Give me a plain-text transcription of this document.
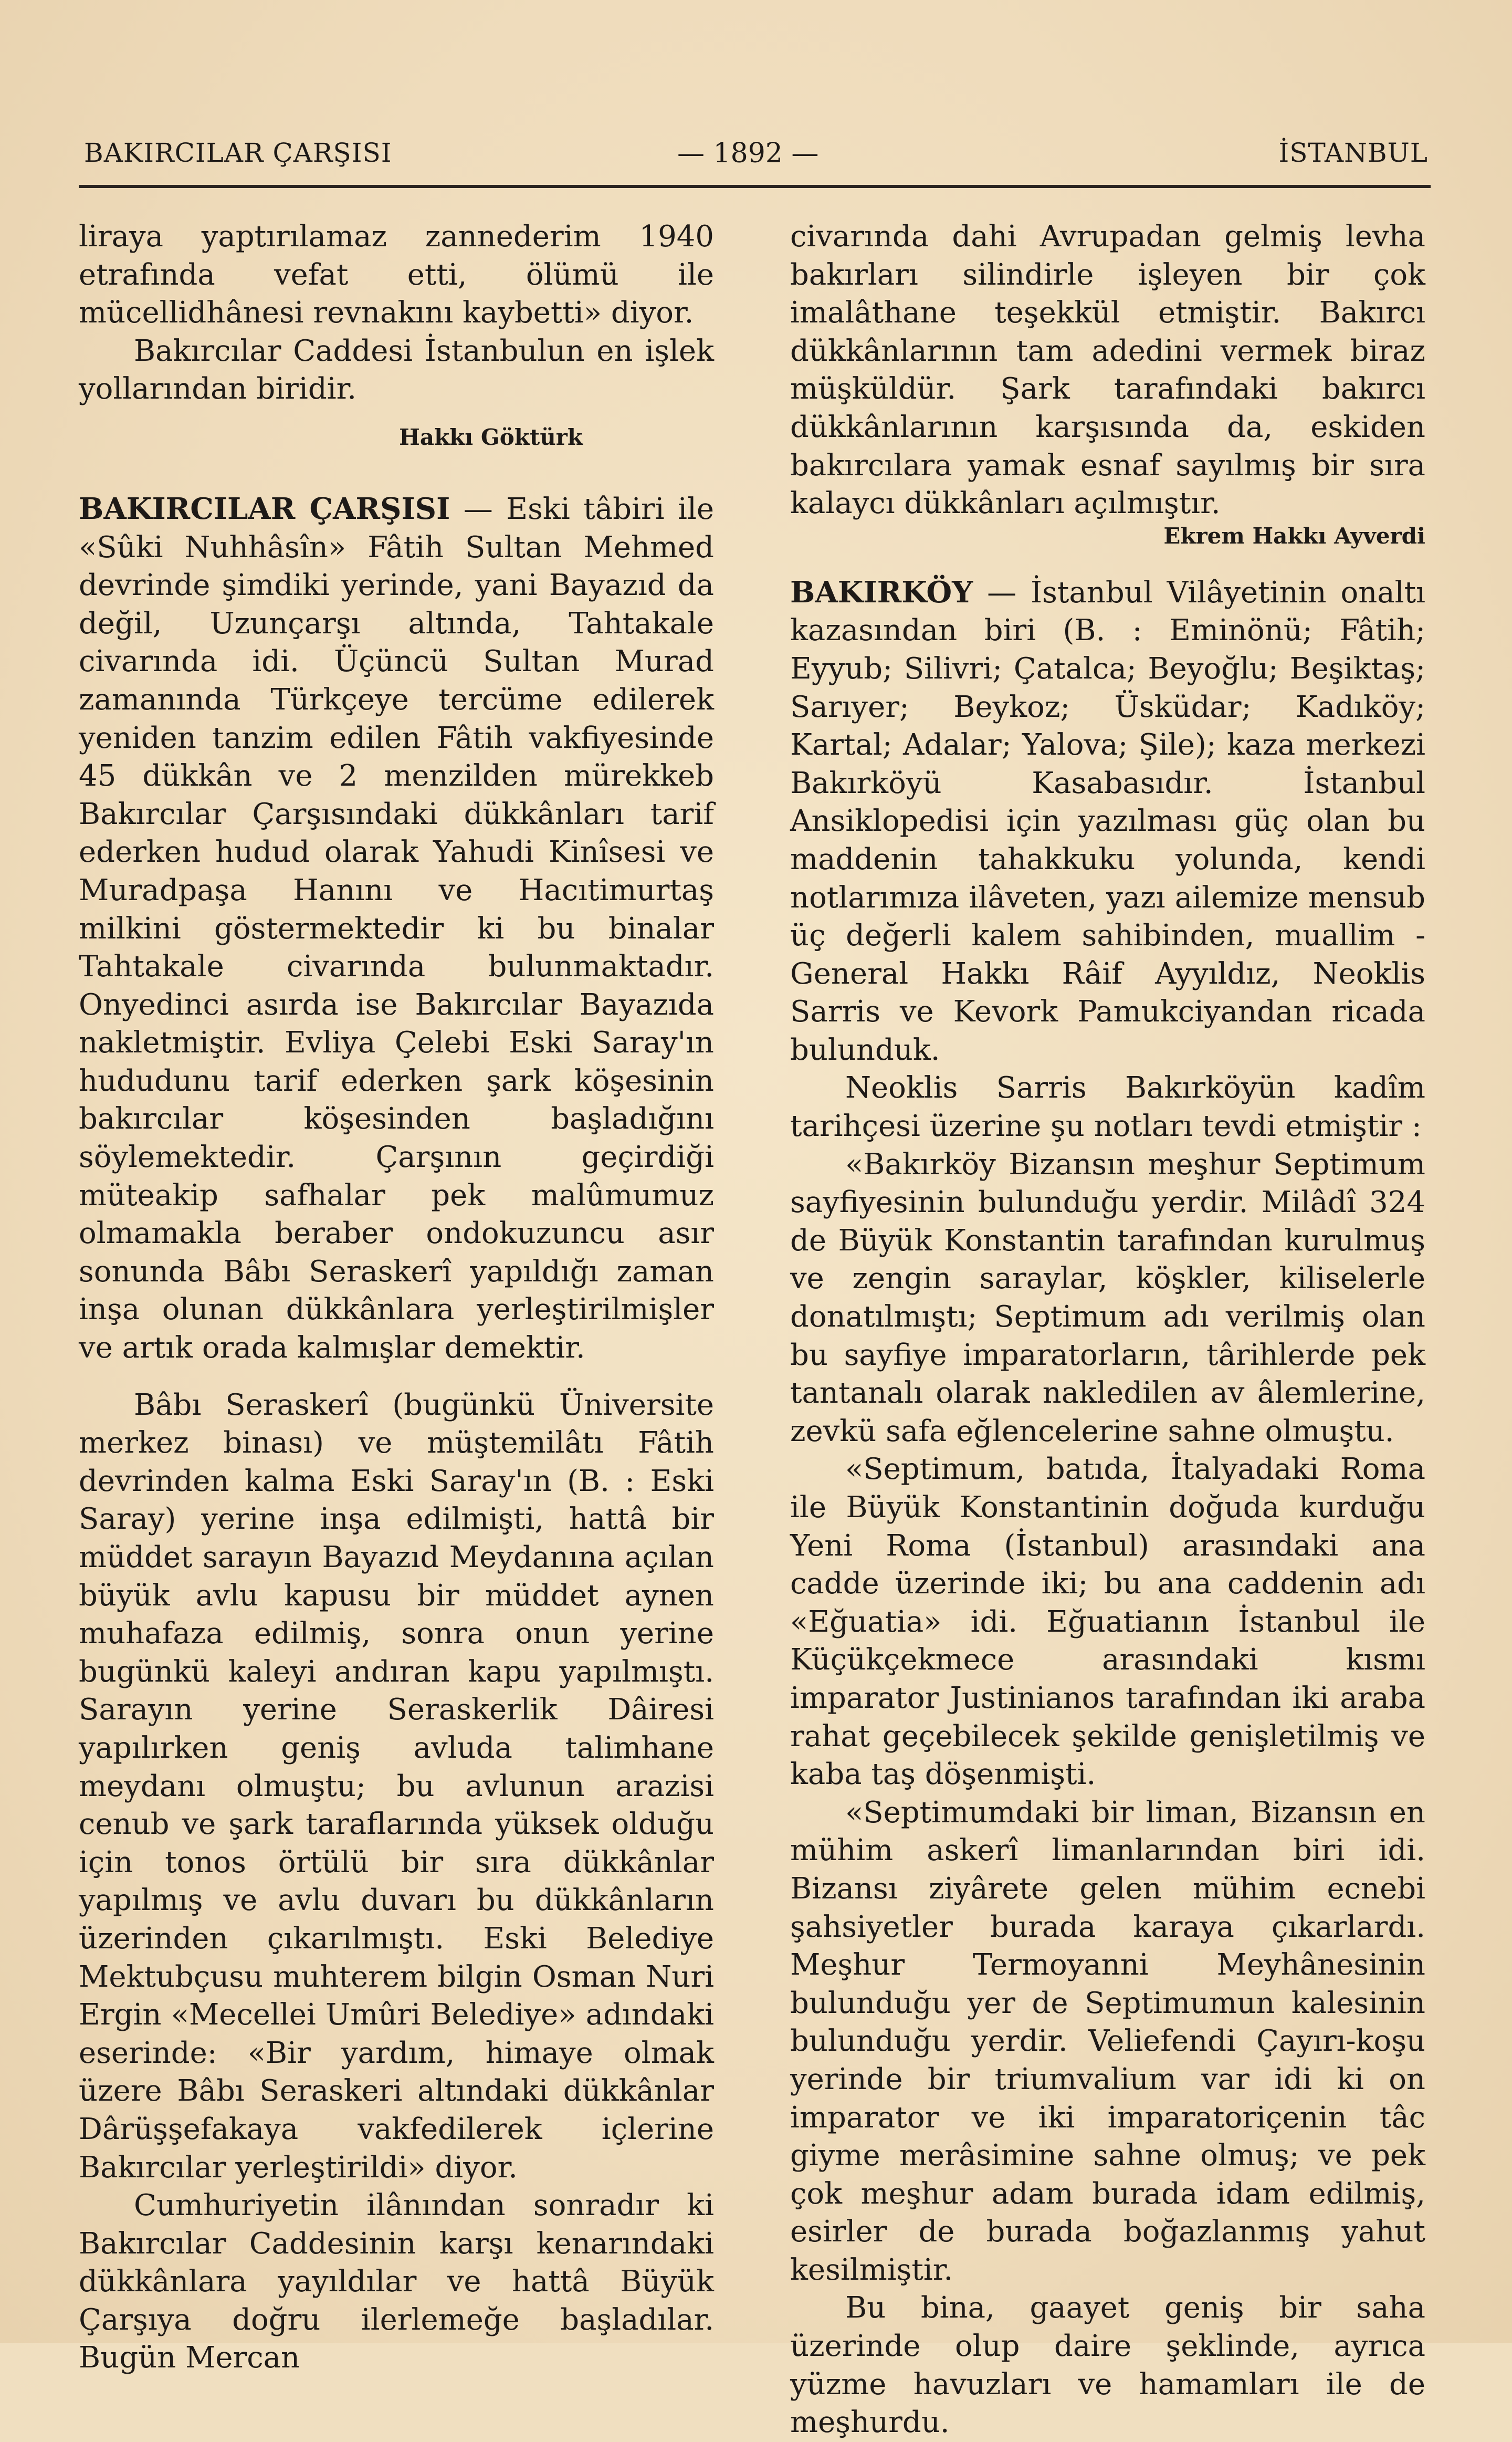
BAKIRCILAR ÇARŞISI	— 1892 —	İSTANBUL

liraya yaptırılamaz zannederim 1940 etrafında vefat etti, ölümü ile mücellidhânesi revnakını kaybetti» diyor.

Bakırcılar Caddesi İstanbulun en işlek yollarından biridir.

Hakkı Göktürk

BAKIRCILAR ÇARŞISI — Eski tâbiri ile «Sûki Nuhhâsîn» Fâtih Sultan Mehmed devrinde şimdiki yerinde, yani Bayazıd da değil, Uzunçarşı altında, Tahtakale civarında idi. Üçüncü Sultan Murad zamanında Türkçeye tercüme edilerek yeniden tanzim edilen Fâtih vakfiyesinde 45 dükkân ve 2 menzilden mürekkeb Bakırcılar Çarşısındaki dükkânları tarif ederken hudud olarak Yahudi Kinîsesi ve Muradpaşa Hanını ve Hacıtimurtaş milkini göstermektedir ki bu binalar Tahtakale civarında bulunmaktadır. Onyedinci asırda ise Bakırcılar Bayazıda nakletmiştir. Evliya Çelebi Eski Saray'ın hududunu tarif ederken şark köşesinin bakırcılar köşesinden başladığını söylemektedir. Çarşının geçirdiği müteakip safhalar pek malûmumuz olmamakla beraber ondokuzuncu asır sonunda Bâbı Seraskerî yapıldığı zaman inşa olunan dükkânlara yerleştirilmişler ve artık orada kalmışlar demektir.

Bâbı Seraskerî (bugünkü Üniversite merkez binası) ve müştemilâtı Fâtih devrinden kalma Eski Saray'ın (B. : Eski Saray) yerine inşa edilmişti, hattâ bir müddet sarayın Bayazıd Meydanına açılan büyük avlu kapusu bir müddet aynen muhafaza edilmiş, sonra onun yerine bugünkü kaleyi andıran kapu yapılmıştı. Sarayın yerine Seraskerlik Dâiresi yapılırken geniş avluda talimhane meydanı olmuştu; bu avlunun arazisi cenub ve şark taraflarında yüksek olduğu için tonos örtülü bir sıra dükkânlar yapılmış ve avlu duvarı bu dükkânların üzerinden çıkarılmıştı. Eski Belediye Mektubçusu muhterem bilgin Osman Nuri Ergin «Mecellei Umûri Belediye» adındaki eserinde: «Bir yardım, himaye olmak üzere Bâbı Seraskeri altındaki dükkânlar Dârüşşefakaya vakfedilerek içlerine Bakırcılar yerleştirildi» diyor.

Cumhuriyetin ilânından sonradır ki Bakırcılar Caddesinin karşı kenarındaki dükkânlara yayıldılar ve hattâ Büyük Çarşıya doğru ilerlemeğe başladılar. Bugün Mercan

civarında dahi Avrupadan gelmiş levha bakırları silindirle işleyen bir çok imalâthane teşekkül etmiştir. Bakırcı dükkânlarının tam adedini vermek biraz müşküldür. Şark tarafındaki bakırcı dükkânlarının karşısında da, eskiden bakırcılara yamak esnaf sayılmış bir sıra kalaycı dükkânları açılmıştır.

Ekrem Hakkı Ayverdi

BAKIRKÖY — İstanbul Vilâyetinin onaltı kazasından biri (B. : Eminönü; Fâtih; Eyyub; Silivri; Çatalca; Beyoğlu; Beşiktaş; Sarıyer; Beykoz; Üsküdar; Kadıköy; Kartal; Adalar; Yalova; Şile); kaza merkezi Bakırköyü Kasabasıdır. İstanbul Ansiklopedisi için yazılması güç olan bu maddenin tahakkuku yolunda, kendi notlarımıza ilâveten, yazı ailemize mensub üç değerli kalem sahibinden, muallim - General Hakkı Râif Ayyıldız, Neoklis Sarris ve Kevork Pamukciyandan ricada bulunduk.

Neoklis Sarris Bakırköyün kadîm tarihçesi üzerine şu notları tevdi etmiştir :

«Bakırköy Bizansın meşhur Septimum sayfiyesinin bulunduğu yerdir. Milâdî 324 de Büyük Konstantin tarafından kurulmuş ve zengin saraylar, köşkler, kiliselerle donatılmıştı; Septimum adı verilmiş olan bu sayfiye imparatorların, târihlerde pek tantanalı olarak nakledilen av âlemlerine, zevkü safa eğlencelerine sahne olmuştu.

«Septimum, batıda, İtalyadaki Roma ile Büyük Konstantinin doğuda kurduğu Yeni Roma (İstanbul) arasındaki ana cadde üzerinde iki; bu ana caddenin adı «Eğuatia» idi. Eğuatianın İstanbul ile Küçükçekmece arasındaki kısmı imparator Justinianos tarafından iki araba rahat geçebilecek şekilde genişletilmiş ve kaba taş döşenmişti.

«Septimumdaki bir liman, Bizansın en mühim askerî limanlarından biri idi. Bizansı ziyârete gelen mühim ecnebi şahsiyetler burada karaya çıkarlardı. Meşhur Termoyanni Meyhânesinin bulunduğu yer de Septimumun kalesinin bulunduğu yerdir. Veliefendi Çayırı-koşu yerinde bir triumvalium var idi ki on imparator ve iki imparatoriçenin tâc giyme merâsimine sahne olmuş; ve pek çok meşhur adam burada idam edilmiş, esirler de burada boğazlanmış yahut kesilmiştir.

Bu bina, gaayet geniş bir saha üzerinde olup daire şeklinde, ayrıca yüzme havuzları ve hamamları ile de meşhurdu.
